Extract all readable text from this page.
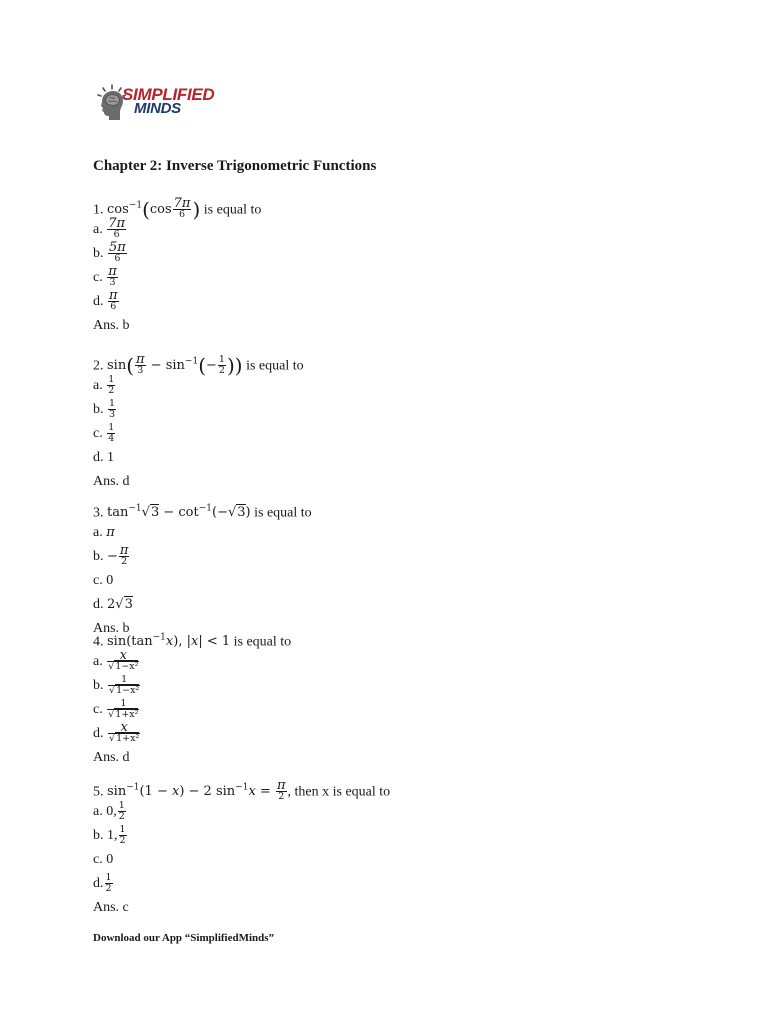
SIMPLIFIED
MINDS
Chapter 2: Inverse Trigonometric Functions
1. $\cos^{-1}(\cos \frac{7\pi}{6}$ ) is equal to
a. $\frac{7\pi}{6}$
b. $\frac{5\pi}{6}$
c. $\frac{\pi}{3}$
d. $\frac{\pi}{6}$
Ans. b
2. $\sin( \frac{\pi}{3} - \sin^{-1}(- \frac{1}{2}$ )) is equal to
a. $\frac{1}{2}$
b. $\frac{1}{3}$
c. $\frac{1}{4}$
d. 1
Ans. d
3. $\tan^{-1}√3 - \cot^{-1}(-√3)$ is equal to
a. π
b. − $\frac{\pi}{2}$
c. 0
d. 2√3
Ans. b
4. $\sin(\tan^{-1}x)$, |x| < 1 is equal to
a. $\frac{x}{\text{√1−x²}}$
b. $\frac{1}{\text{√1−x²}}$
c. $\frac{1}{\text{√1+x²}}$
d. $\frac{x}{\text{√1+x²}}$
Ans. d
5. $\sin^{-1}(1 - x) - 2$ $\sin^{-1}x = \frac{\pi}{2}$ , then x is equal to
a. 0, $\frac{1}{2}$
b. 1, $\frac{1}{2}$
c. 0
d. $\frac{1}{2}$
Ans. c
Download our App “SimplifiedMinds”
